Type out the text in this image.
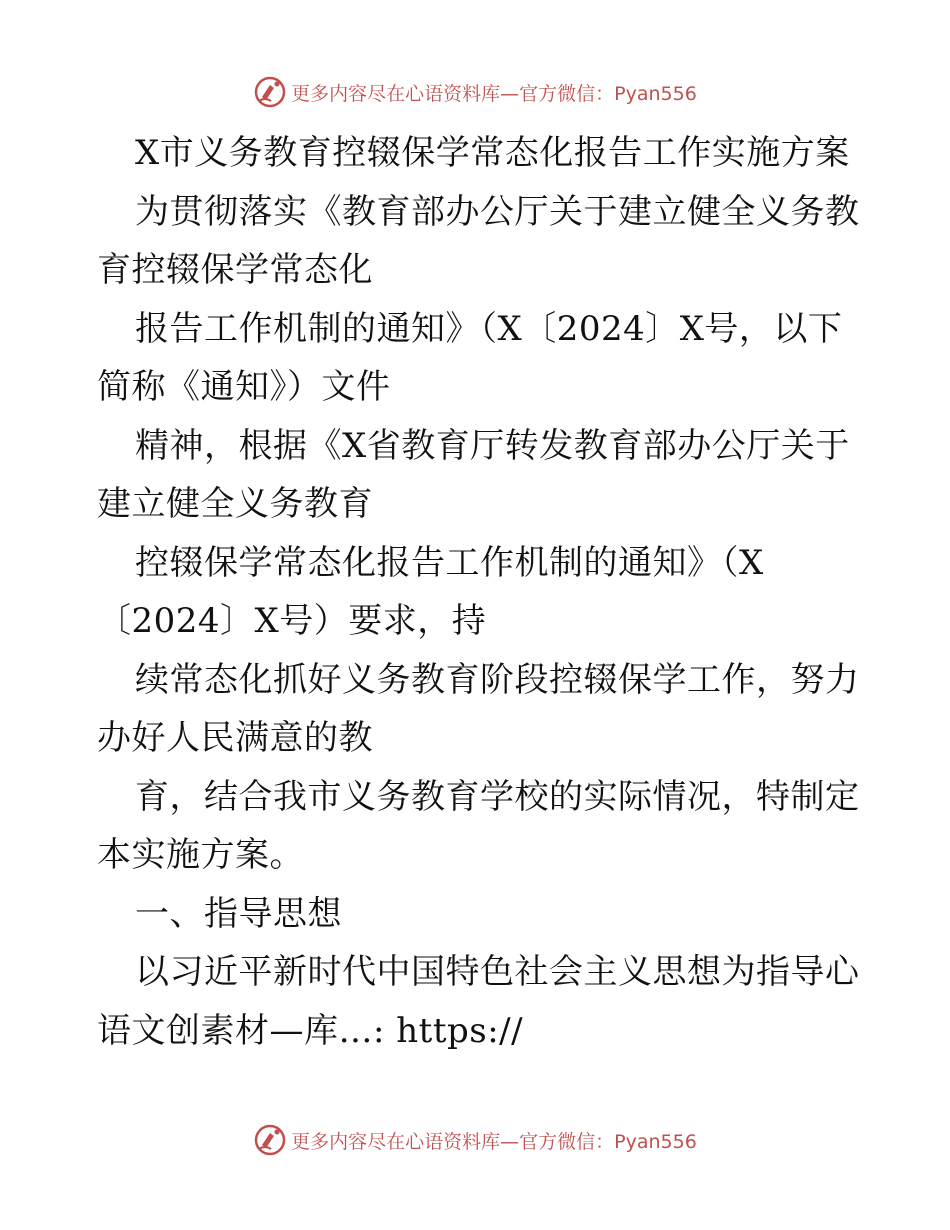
更多内容尽在心语资料库—官方微信：Pyan556
X市义务教育控辍保学常态化报告工作实施方案
为贯彻落实《教育部办公厅关于建立健全义务教
育控辍保学常态化
报告工作机制的通知》（X〔2024〕X号，以下
简称《通知》）文件
精神，根据《X省教育厅转发教育部办公厅关于
建立健全义务教育
控辍保学常态化报告工作机制的通知》（X
〔2024〕X号）要求，持
续常态化抓好义务教育阶段控辍保学工作，努力
办好人民满意的教
育，结合我市义务教育学校的实际情况，特制定
本实施方案。
一、指导思想
以习近平新时代中国特色社会主义思想为指导心
语文创素材—库…: https://
更多内容尽在心语资料库—官方微信：Pyan556
